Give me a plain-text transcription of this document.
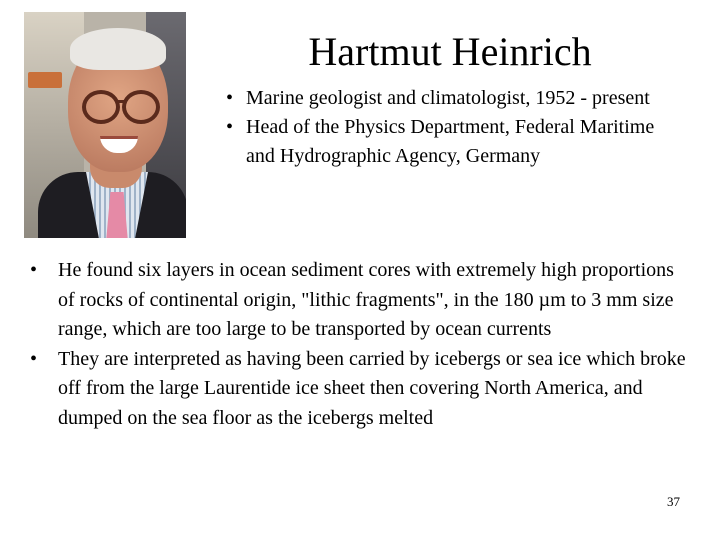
Hartmut Heinrich
• Marine geologist and climatologist, 1952 - present
• Head of the Physics Department, Federal Maritime and Hydrographic Agency, Germany
• He found six layers in ocean sediment cores with extremely high proportions of rocks of continental origin, "lithic fragments", in the 180 µm to 3 mm size range, which are too large to be transported by ocean currents
• They are interpreted as having been carried by icebergs or sea ice which broke off from the large Laurentide ice sheet then covering North America, and dumped on the sea floor as the icebergs melted
37
